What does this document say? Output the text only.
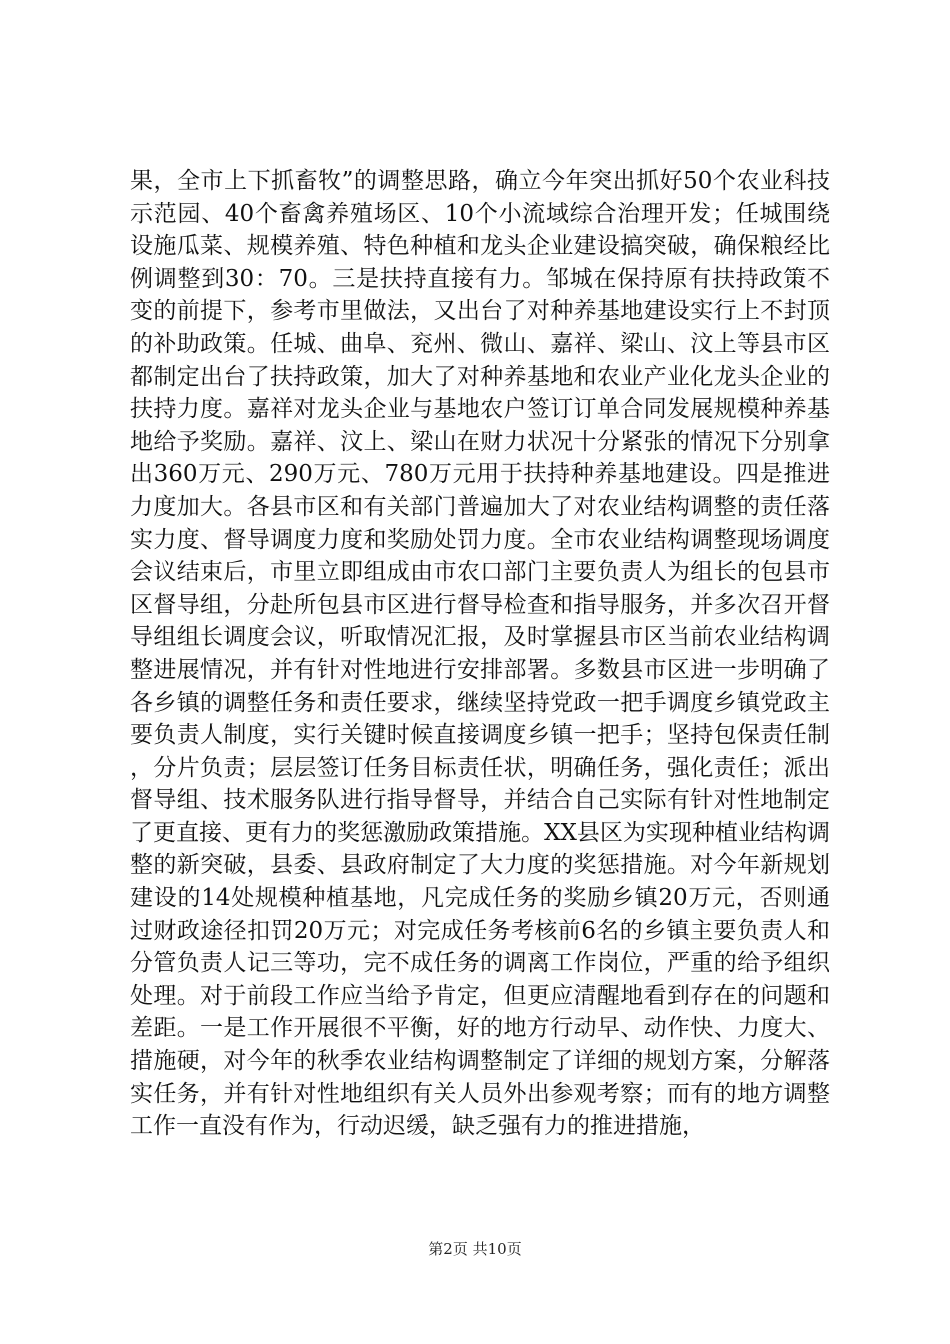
果，全市上下抓畜牧”的调整思路，确立今年突出抓好50个农业科技示范园、40个畜禽养殖场区、10个小流域综合治理开发；任城围绕设施瓜菜、规模养殖、特色种植和龙头企业建设搞突破，确保粮经比例调整到30：70。三是扶持直接有力。邹城在保持原有扶持政策不变的前提下，参考市里做法，又出台了对种养基地建设实行上不封顶的补助政策。任城、曲阜、兖州、微山、嘉祥、梁山、汶上等县市区都制定出台了扶持政策，加大了对种养基地和农业产业化龙头企业的扶持力度。嘉祥对龙头企业与基地农户签订订单合同发展规模种养基地给予奖励。嘉祥、汶上、梁山在财力状况十分紧张的情况下分别拿出360万元、290万元、780万元用于扶持种养基地建设。四是推进力度加大。各县市区和有关部门普遍加大了对农业结构调整的责任落实力度、督导调度力度和奖励处罚力度。全市农业结构调整现场调度会议结束后，市里立即组成由市农口部门主要负责人为组长的包县市区督导组，分赴所包县市区进行督导检查和指导服务，并多次召开督导组组长调度会议，听取情况汇报，及时掌握县市区当前农业结构调整进展情况，并有针对性地进行安排部署。多数县市区进一步明确了各乡镇的调整任务和责任要求，继续坚持党政一把手调度乡镇党政主要负责人制度，实行关键时候直接调度乡镇一把手；坚持包保责任制，分片负责；层层签订任务目标责任状，明确任务，强化责任；派出督导组、技术服务队进行指导督导，并结合自己实际有针对性地制定了更直接、更有力的奖惩激励政策措施。XX县区为实现种植业结构调整的新突破，县委、县政府制定了大力度的奖惩措施。对今年新规划建设的14处规模种植基地，凡完成任务的奖励乡镇20万元，否则通过财政途径扣罚20万元；对完成任务考核前6名的乡镇主要负责人和分管负责人记三等功，完不成任务的调离工作岗位，严重的给予组织处理。对于前段工作应当给予肯定，但更应清醒地看到存在的问题和差距。一是工作开展很不平衡，好的地方行动早、动作快、力度大、措施硬，对今年的秋季农业结构调整制定了详细的规划方案，分解落实任务，并有针对性地组织有关人员外出参观考察；而有的地方调整工作一直没有作为，行动迟缓，缺乏强有力的推进措施，

第2页 共10页
